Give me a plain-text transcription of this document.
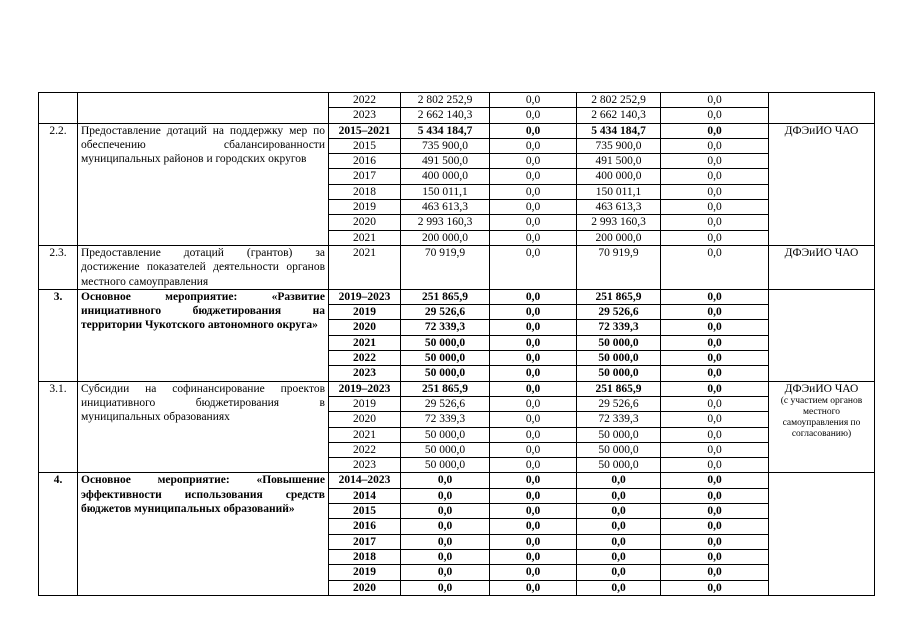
		2022	2 802 252,9	0,0	2 802 252,9	0,0	
		2023	2 662 140,3	0,0	2 662 140,3	0,0	
2.2.	Предоставление дотаций на поддержку мер по обеспечению сбалансированности муниципальных районов и городских округов	2015–2021	5 434 184,7	0,0	5 434 184,7	0,0	ДФЭиИО ЧАО
		2015	735 900,0	0,0	735 900,0	0,0	
		2016	491 500,0	0,0	491 500,0	0,0	
		2017	400 000,0	0,0	400 000,0	0,0	
		2018	150 011,1	0,0	150 011,1	0,0	
		2019	463 613,3	0,0	463 613,3	0,0	
		2020	2 993 160,3	0,0	2 993 160,3	0,0	
		2021	200 000,0	0,0	200 000,0	0,0	
2.3.	Предоставление дотаций (грантов) за достижение показателей деятельности органов местного самоуправления	2021	70 919,9	0,0	70 919,9	0,0	ДФЭиИО ЧАО
3.	Основное мероприятие: «Развитие инициативного бюджетирования на территории Чукотского автономного округа»	2019–2023	251 865,9	0,0	251 865,9	0,0	
		2019	29 526,6	0,0	29 526,6	0,0	
		2020	72 339,3	0,0	72 339,3	0,0	
		2021	50 000,0	0,0	50 000,0	0,0	
		2022	50 000,0	0,0	50 000,0	0,0	
		2023	50 000,0	0,0	50 000,0	0,0	
3.1.	Субсидии на софинансирование проектов инициативного бюджетирования в муниципальных образованиях	2019–2023	251 865,9	0,0	251 865,9	0,0	ДФЭиИО ЧАО
(с участием органов местного самоуправления по согласованию)

		2019	29 526,6	0,0	29 526,6	0,0	
		2020	72 339,3	0,0	72 339,3	0,0	
		2021	50 000,0	0,0	50 000,0	0,0	
		2022	50 000,0	0,0	50 000,0	0,0	
		2023	50 000,0	0,0	50 000,0	0,0	
4.	Основное мероприятие: «Повышение эффективности использования средств бюджетов муниципальных образований»	2014–2023	0,0	0,0	0,0	0,0	
		2014	0,0	0,0	0,0	0,0	
		2015	0,0	0,0	0,0	0,0	
		2016	0,0	0,0	0,0	0,0	
		2017	0,0	0,0	0,0	0,0	
		2018	0,0	0,0	0,0	0,0	
		2019	0,0	0,0	0,0	0,0	
		2020	0,0	0,0	0,0	0,0	
